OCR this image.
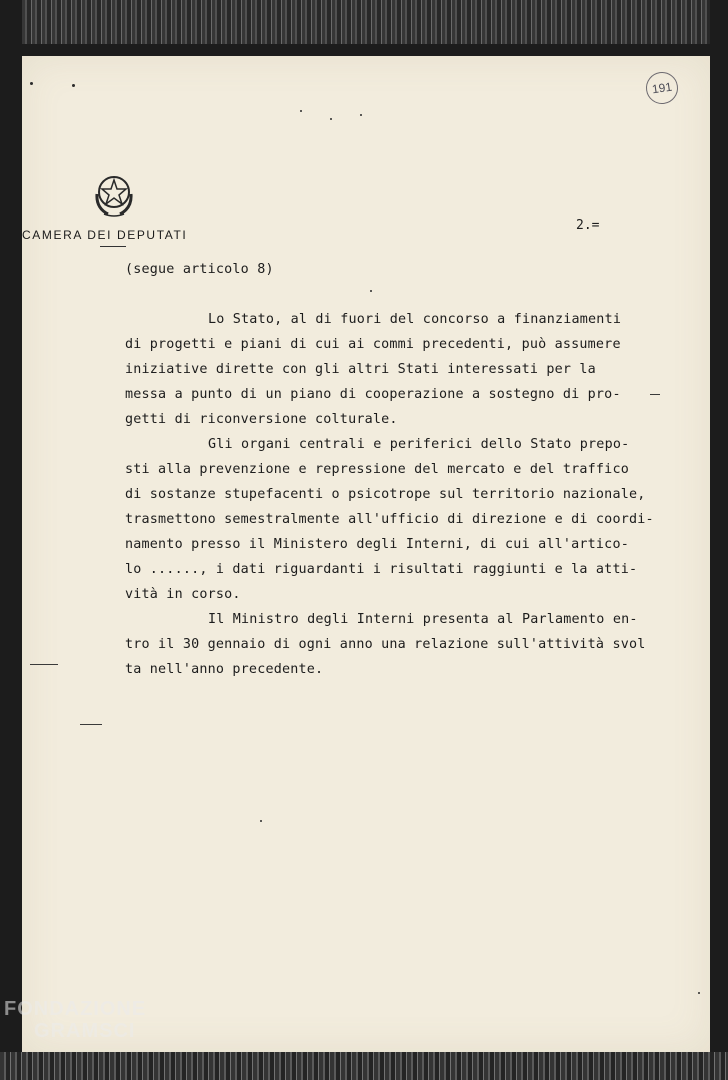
191
CAMERA DEI DEPUTATI
2.=
(segue articolo 8)
Lo Stato, al di fuori del concorso a finanziamenti
di progetti e piani di cui ai commi precedenti, può assumere
iniziative dirette con gli altri Stati interessati per la
messa a punto di un piano di cooperazione a sostegno di pro-
getti di riconversione colturale.
Gli organi centrali e periferici dello Stato prepo-
sti alla prevenzione e repressione del mercato e del traffico
di sostanze stupefacenti o psicotrope sul territorio nazionale,
trasmettono semestralmente all'ufficio di direzione e di coordi-
namento presso il Ministero degli Interni, di cui all'artico-
lo ......, i dati riguardanti i risultati raggiunti e la atti-
vità in corso.
Il Ministro degli Interni presenta al Parlamento en-
tro il 30 gennaio di ogni anno una relazione sull'attività svol
ta nell'anno precedente.
FONDAZIONE
GRAMSCI
